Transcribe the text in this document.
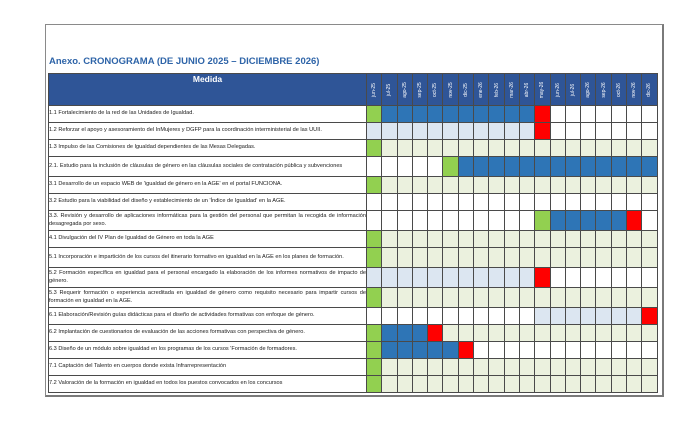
Anexo. CRONOGRAMA (DE JUNIO 2025 – DICIEMBRE 2026)
Medida	jun-25	jul-25	ago-25	sep-25	oct-25	nov-25	dic-25	ene-26	feb-26	mar-26	abr-26	may-26	jun-26	jul-26	ago-26	sep-26	oct-26	nov-26	dic-26

1.1 Fortalecimiento de la red de las Unidades de Igualdad.																			
1.2 Reforzar el apoyo y asesoramiento del InMujeres y DGFP para la coordinación interministerial de las UUII.																			
1.3 Impulso de las Comisiones de Igualdad dependientes de las Mesas Delegadas.																			
2.1. Estudio para la inclusión de cláusulas de género en las cláusulas sociales de contratación pública y subvenciones																			
3.1 Desarrollo de un espacio WEB de 'igualdad de género en la AGE' en el portal FUNCIONA.																			
3.2 Estudio para la viabilidad del diseño y establecimiento de un 'Índice de Igualdad' en la AGE.																			
3.3. Revisión y desarrollo de aplicaciones informáticas para la gestión del personal que permitan la recogida de información desagregada por sexo.																			
4.1 Divulgación del IV Plan de Igualdad de Género en toda la AGE																			
5.1 Incorporación e impartición de los cursos del itinerario formativo en igualdad en la AGE en los planes de formación.																			
5.2 Formación específica en igualdad para el personal encargado la elaboración de los informes normativos de impacto de género.																			
5.3 Requerir formación o experiencia acreditada en igualdad de género como requisito necesario para impartir cursos de formación en igualdad en la AGE.																			
6.1 Elaboración/Revisión guías didácticas para el diseño de actividades formativas con enfoque de género.																			
6.2 Implantación de cuestionarios de evaluación de las acciones formativas con perspectiva de género.																			
6.3 Diseño de un módulo sobre igualdad en los programas de los cursos 'Formación de formadores.																			
7.1 Captación del Talento en cuerpos donde exista Infrarrepresentación																			
7.2 Valoración de la formación en igualdad en todos los puestos convocados en los concursos																			
